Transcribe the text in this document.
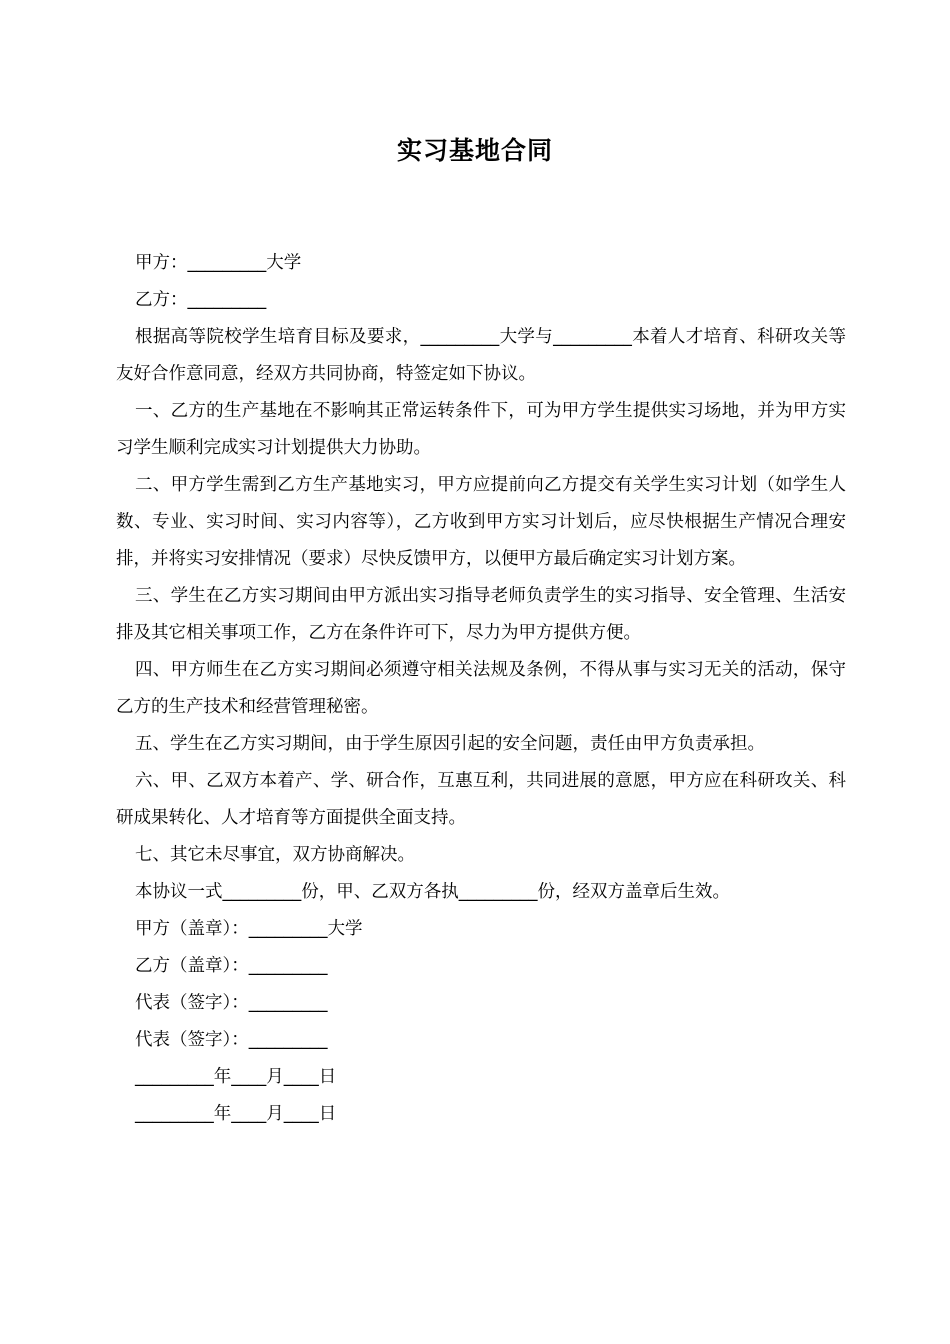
实习基地合同

甲方：_________大学

乙方：_________

根据高等院校学生培育目标及要求，_________大学与_________本着人才培育、科研攻关等友好合作意同意，经双方共同协商，特签定如下协议。

一、乙方的生产基地在不影响其正常运转条件下，可为甲方学生提供实习场地，并为甲方实习学生顺利完成实习计划提供大力协助。

二、甲方学生需到乙方生产基地实习，甲方应提前向乙方提交有关学生实习计划（如学生人数、专业、实习时间、实习内容等），乙方收到甲方实习计划后，应尽快根据生产情况合理安排，并将实习安排情况（要求）尽快反馈甲方，以便甲方最后确定实习计划方案。

三、学生在乙方实习期间由甲方派出实习指导老师负责学生的实习指导、安全管理、生活安排及其它相关事项工作，乙方在条件许可下，尽力为甲方提供方便。

四、甲方师生在乙方实习期间必须遵守相关法规及条例，不得从事与实习无关的活动，保守乙方的生产技术和经营管理秘密。

五、学生在乙方实习期间，由于学生原因引起的安全问题，责任由甲方负责承担。

六、甲、乙双方本着产、学、研合作，互惠互利，共同进展的意愿，甲方应在科研攻关、科研成果转化、人才培育等方面提供全面支持。

七、其它未尽事宜，双方协商解决。

本协议一式_________份，甲、乙双方各执_________份，经双方盖章后生效。

甲方（盖章）：_________大学

乙方（盖章）：_________

代表（签字）：_________

代表（签字）：_________

_________年____月____日

_________年____月____日
